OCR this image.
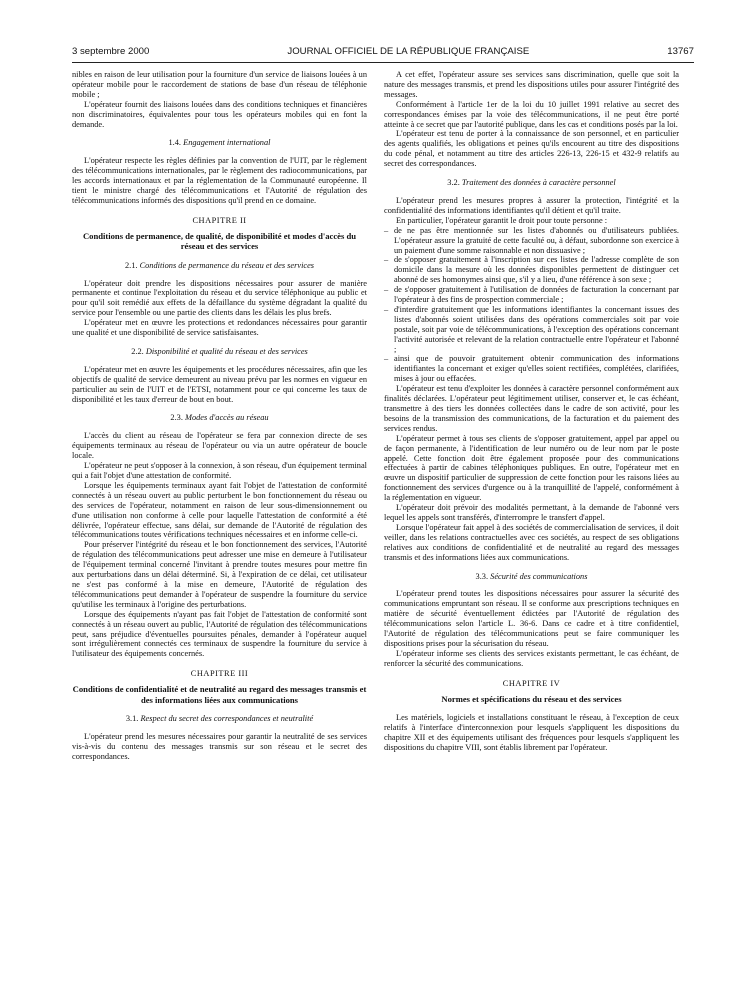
3 septembre 2000	JOURNAL OFFICIEL DE LA RÉPUBLIQUE FRANÇAISE	13767

nibles en raison de leur utilisation pour la fourniture d'un service de liaisons louées à un opérateur mobile pour le raccordement de stations de base d'un réseau de téléphonie mobile ;

L'opérateur fournit des liaisons louées dans des conditions techniques et financières non discriminatoires, équivalentes pour tous les opérateurs mobiles qui en font la demande.

1.4. Engagement international

L'opérateur respecte les règles définies par la convention de l'UIT, par le règlement des télécommunications internationales, par le règlement des radiocommunications, par les accords internationaux et par la réglementation de la Communauté européenne. Il tient le ministre chargé des télécommunications et l'Autorité de régulation des télécommunications informés des dispositions qu'il prend en ce domaine.

CHAPITRE II
Conditions de permanence, de qualité, de disponibilité et modes d'accès du réseau et des services
2.1. Conditions de permanence du réseau et des services

L'opérateur doit prendre les dispositions nécessaires pour assurer de manière permanente et continue l'exploitation du réseau et du service téléphonique au public et pour qu'il soit remédié aux effets de la défaillance du système dégradant la qualité du service pour l'ensemble ou une partie des clients dans les délais les plus brefs.

L'opérateur met en œuvre les protections et redondances nécessaires pour garantir une qualité et une disponibilité de service satisfaisantes.

2.2. Disponibilité et qualité du réseau et des services

L'opérateur met en œuvre les équipements et les procédures nécessaires, afin que les objectifs de qualité de service demeurent au niveau prévu par les normes en vigueur en particulier au sein de l'UIT et de l'ETSI, notamment pour ce qui concerne les taux de disponibilité et les taux d'erreur de bout en bout.

2.3. Modes d'accès au réseau

L'accès du client au réseau de l'opérateur se fera par connexion directe de ses équipements terminaux au réseau de l'opérateur ou via un autre opérateur de boucle locale.

L'opérateur ne peut s'opposer à la connexion, à son réseau, d'un équipement terminal qui a fait l'objet d'une attestation de conformité.

Lorsque les équipements terminaux ayant fait l'objet de l'attestation de conformité connectés à un réseau ouvert au public perturbent le bon fonctionnement du réseau ou des services de l'opérateur, notamment en raison de leur sous-dimensionnement ou d'une utilisation non conforme à celle pour laquelle l'attestation de conformité a été délivrée, l'opérateur effectue, sans délai, sur demande de l'Autorité de régulation des télécommunications toutes vérifications techniques nécessaires et en informe celle-ci.

Pour préserver l'intégrité du réseau et le bon fonctionnement des services, l'Autorité de régulation des télécommunications peut adresser une mise en demeure à l'utilisateur de l'équipement terminal concerné l'invitant à prendre toutes mesures pour mettre fin aux perturbations dans un délai déterminé. Si, à l'expiration de ce délai, cet utilisateur ne s'est pas conformé à la mise en demeure, l'Autorité de régulation des télécommunications peut demander à l'opérateur de suspendre la fourniture du service qu'utilise les terminaux à l'origine des perturbations.

Lorsque des équipements n'ayant pas fait l'objet de l'attestation de conformité sont connectés à un réseau ouvert au public, l'Autorité de régulation des télécommunications peut, sans préjudice d'éventuelles poursuites pénales, demander à l'opérateur auquel sont irrégulièrement connectés ces terminaux de suspendre la fourniture du service à l'utilisateur des équipements concernés.

CHAPITRE III
Conditions de confidentialité et de neutralité au regard des messages transmis et des informations liées aux communications
3.1. Respect du secret des correspondances et neutralité

L'opérateur prend les mesures nécessaires pour garantir la neutralité de ses services vis-à-vis du contenu des messages transmis sur son réseau et le secret des correspondances.

A cet effet, l'opérateur assure ses services sans discrimination, quelle que soit la nature des messages transmis, et prend les dispositions utiles pour assurer l'intégrité des messages.

Conformément à l'article 1er de la loi du 10 juillet 1991 relative au secret des correspondances émises par la voie des télécommunications, il ne peut être porté atteinte à ce secret que par l'autorité publique, dans les cas et conditions posés par la loi.

L'opérateur est tenu de porter à la connaissance de son personnel, et en particulier des agents qualifiés, les obligations et peines qu'ils encourent au titre des dispositions du code pénal, et notamment au titre des articles 226-13, 226-15 et 432-9 relatifs au secret des correspondances.

3.2. Traitement des données à caractère personnel

L'opérateur prend les mesures propres à assurer la protection, l'intégrité et la confidentialité des informations identifiantes qu'il détient et qu'il traite.

En particulier, l'opérateur garantit le droit pour toute personne :

– de ne pas être mentionnée sur les listes d'abonnés ou d'utilisateurs publiées. L'opérateur assure la gratuité de cette faculté ou, à défaut, subordonne son exercice à un paiement d'une somme raisonnable et non dissuasive ;
– de s'opposer gratuitement à l'inscription sur ces listes de l'adresse complète de son domicile dans la mesure où les données disponibles permettent de distinguer cet abonné de ses homonymes ainsi que, s'il y a lieu, d'une référence à son sexe ;
– de s'opposer gratuitement à l'utilisation de données de facturation la concernant par l'opérateur à des fins de prospection commerciale ;
– d'interdire gratuitement que les informations identifiantes la concernant issues des listes d'abonnés soient utilisées dans des opérations commerciales soit par voie postale, soit par voie de télécommunications, à l'exception des opérations concernant l'activité autorisée et relevant de la relation contractuelle entre l'opérateur et l'abonné ;
– ainsi que de pouvoir gratuitement obtenir communication des informations identifiantes la concernant et exiger qu'elles soient rectifiées, complétées, clarifiées, mises à jour ou effacées.

L'opérateur est tenu d'exploiter les données à caractère personnel conformément aux finalités déclarées. L'opérateur peut légitimement utiliser, conserver et, le cas échéant, transmettre à des tiers les données collectées dans le cadre de son activité, pour les besoins de la transmission des communications, de la facturation et du paiement des services rendus.

L'opérateur permet à tous ses clients de s'opposer gratuitement, appel par appel ou de façon permanente, à l'identification de leur numéro ou de leur nom par le poste appelé. Cette fonction doit être également proposée pour des communications effectuées à partir de cabines téléphoniques publiques. En outre, l'opérateur met en œuvre un dispositif particulier de suppression de cette fonction pour les raisons liées au fonctionnement des services d'urgence ou à la tranquillité de l'appelé, conformément à la réglementation en vigueur.

L'opérateur doit prévoir des modalités permettant, à la demande de l'abonné vers lequel les appels sont transférés, d'interrompre le transfert d'appel.

Lorsque l'opérateur fait appel à des sociétés de commercialisation de services, il doit veiller, dans les relations contractuelles avec ces sociétés, au respect de ses obligations relatives aux conditions de confidentialité et de neutralité au regard des messages transmis et des informations liées aux communications.

3.3. Sécurité des communications

L'opérateur prend toutes les dispositions nécessaires pour assurer la sécurité des communications empruntant son réseau. Il se conforme aux prescriptions techniques en matière de sécurité éventuellement édictées par l'Autorité de régulation des télécommunications selon l'article L. 36-6. Dans ce cadre et à titre confidentiel, l'Autorité de régulation des télécommunications peut se faire communiquer les dispositions prises pour la sécurisation du réseau.

L'opérateur informe ses clients des services existants permettant, le cas échéant, de renforcer la sécurité des communications.

CHAPITRE IV
Normes et spécifications du réseau et des services

Les matériels, logiciels et installations constituant le réseau, à l'exception de ceux relatifs à l'interface d'interconnexion pour lesquels s'appliquent les dispositions du chapitre XII et des équipements utilisant des fréquences pour lesquels s'appliquent les dispositions du chapitre VIII, sont établis librement par l'opérateur.
